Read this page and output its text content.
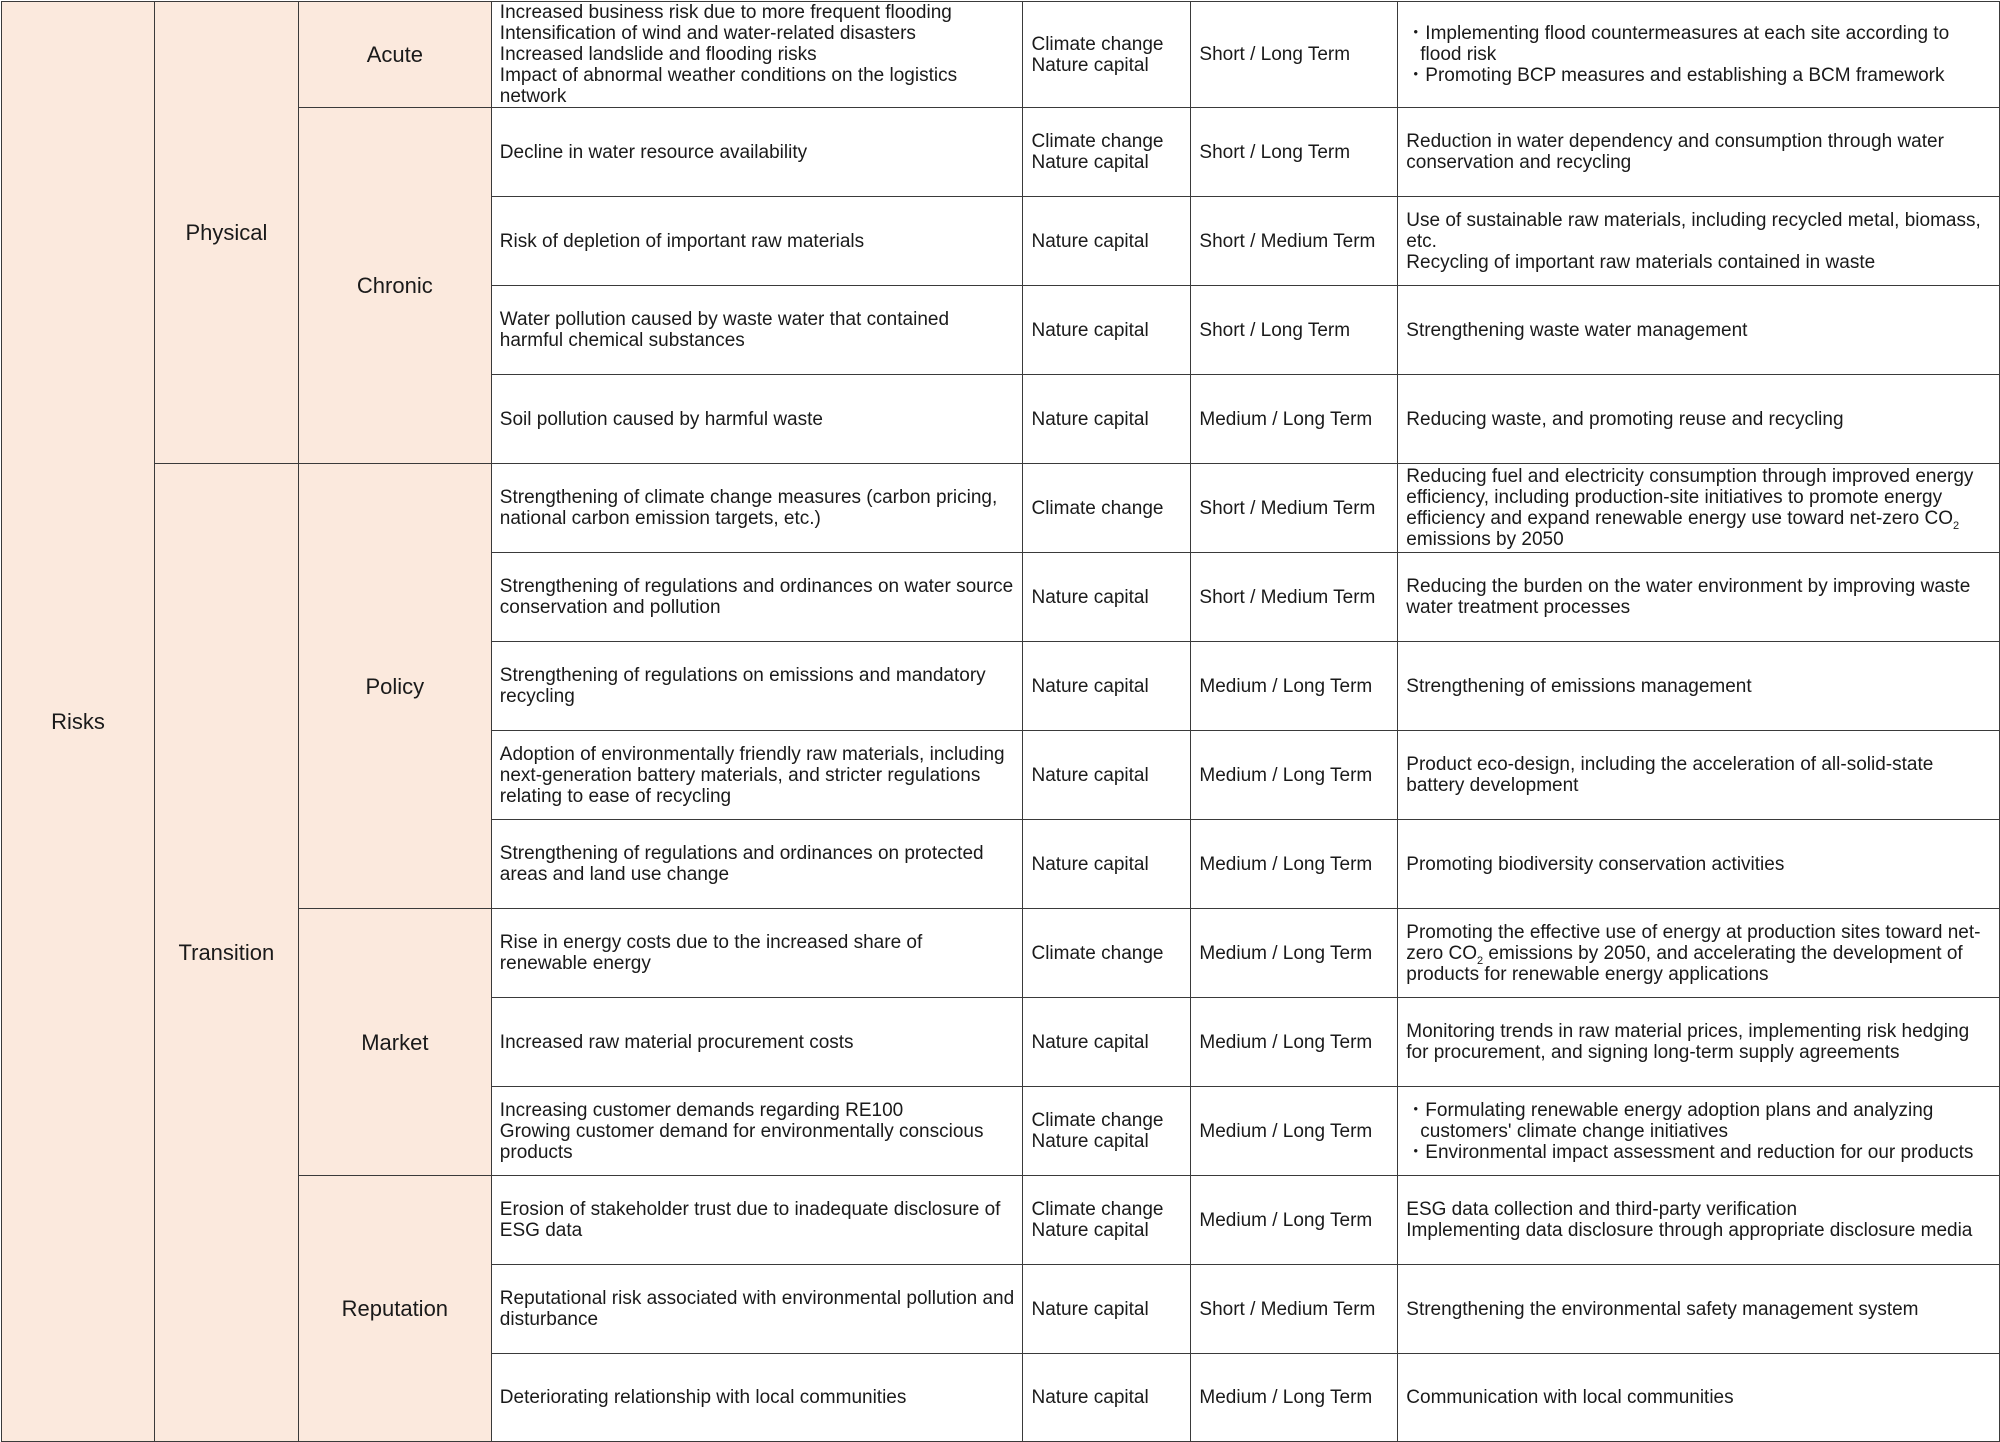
Risks	Physical	Acute	Increased business risk due to more frequent flooding
Intensification of wind and water-related disasters
Increased landslide and flooding risks
Impact of abnormal weather conditions on the logistics network	Climate change
Nature capital	Short / Long Term	・ Implementing flood countermeasures at each site according to flood risk
・ Promoting BCP measures and establishing a BCM framework

		Chronic	Decline in water resource availability	Climate change
Nature capital	Short / Long Term	Reduction in water dependency and consumption through water conservation and recycling

			Risk of depletion of important raw materials	Nature capital	Short / Medium Term	Use of sustainable raw materials, including recycled metal, biomass, etc.
Recycling of important raw materials contained in waste

			Water pollution caused by waste water that contained harmful chemical substances	Nature capital	Short / Long Term	Strengthening waste water management

			Soil pollution caused by harmful waste	Nature capital	Medium / Long Term	Reducing waste, and promoting reuse and recycling

	Transition	Policy	Strengthening of climate change measures (carbon pricing, national carbon emission targets, etc.)	Climate change	Short / Medium Term	Reducing fuel and electricity consumption through improved energy efficiency, including production-site initiatives to promote energy efficiency and expand renewable energy use toward net-zero $CO_2$ emissions by 2050

			Strengthening of regulations and ordinances on water source conservation and pollution	Nature capital	Short / Medium Term	Reducing the burden on the water environment by improving waste water treatment processes

			Strengthening of regulations on emissions and mandatory recycling	Nature capital	Medium / Long Term	Strengthening of emissions management

			Adoption of environmentally friendly raw materials, including next-generation battery materials, and stricter regulations relating to ease of recycling	Nature capital	Medium / Long Term	Product eco-design, including the acceleration of all-solid-state battery development

			Strengthening of regulations and ordinances on protected areas and land use change	Nature capital	Medium / Long Term	Promoting biodiversity conservation activities

		Market	Rise in energy costs due to the increased share of renewable energy	Climate change	Medium / Long Term	Promoting the effective use of energy at production sites toward net-zero $CO_2$ emissions by 2050, and accelerating the development of products for renewable energy applications

			Increased raw material procurement costs	Nature capital	Medium / Long Term	Monitoring trends in raw material prices, implementing risk hedging for procurement, and signing long-term supply agreements

			Increasing customer demands regarding RE100
Growing customer demand for environmentally conscious products	Climate change
Nature capital	Medium / Long Term	・ Formulating renewable energy adoption plans and analyzing customers' climate change initiatives
・ Environmental impact assessment and reduction for our products

		Reputation	Erosion of stakeholder trust due to inadequate disclosure of ESG data	Climate change
Nature capital	Medium / Long Term	ESG data collection and third-party verification
Implementing data disclosure through appropriate disclosure media

			Reputational risk associated with environmental pollution and disturbance	Nature capital	Short / Medium Term	Strengthening the environmental safety management system

			Deteriorating relationship with local communities	Nature capital	Medium / Long Term	Communication with local communities
